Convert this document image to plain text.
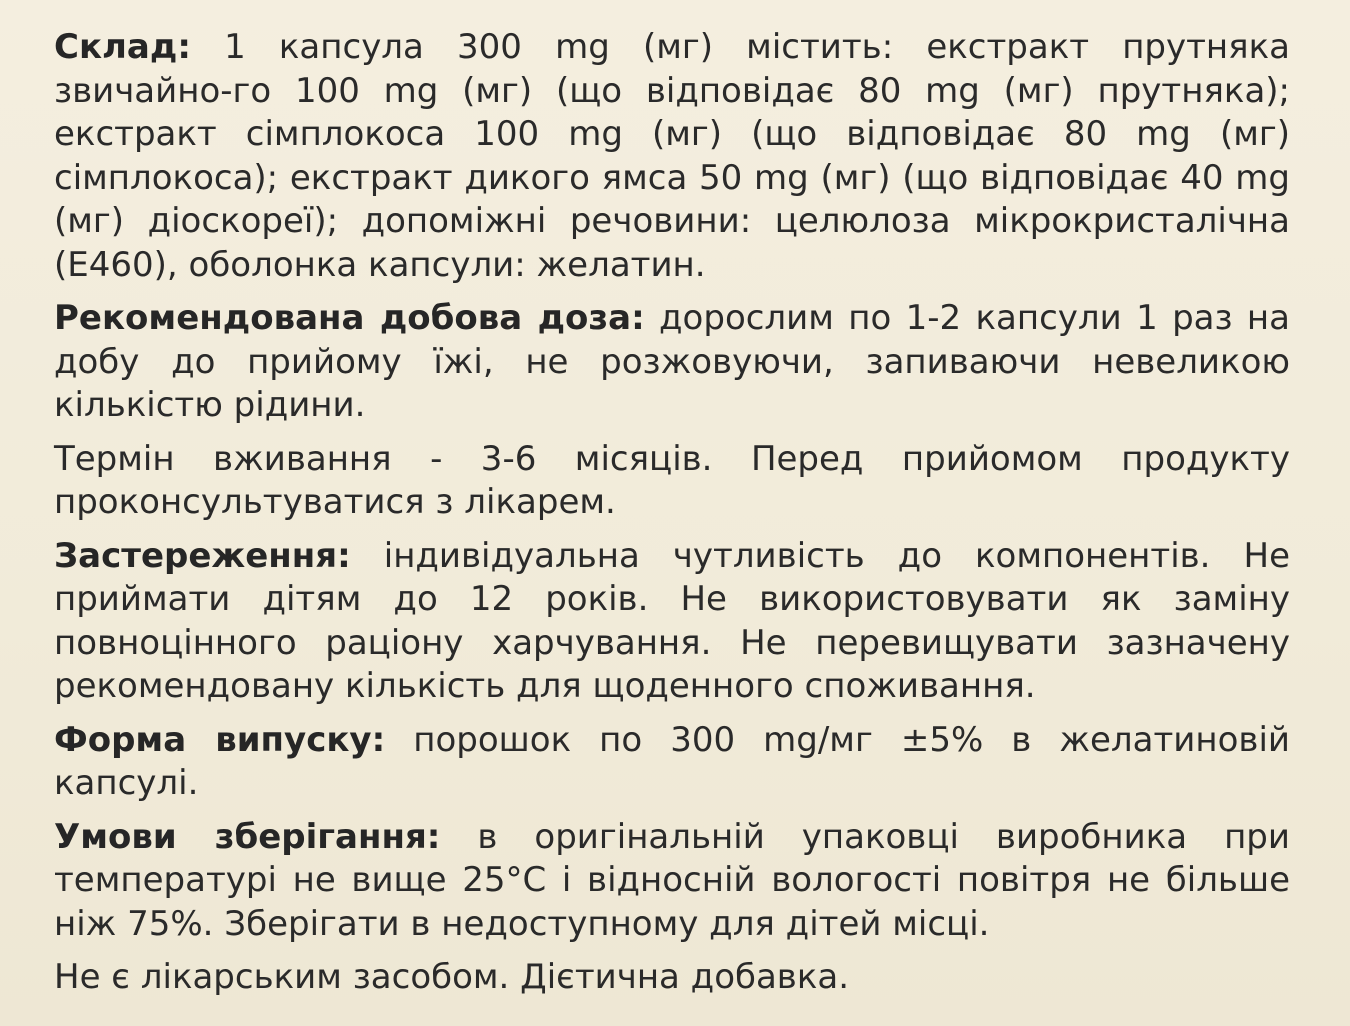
Склад: 1 капсула 300 mg (мг) містить: екстракт прутняка звичайно-го 100 mg (мг) (що відповідає 80 mg (мг) прутняка); екстракт сімплокоса 100 mg (мг) (що відповідає 80 mg (мг) сімплокоса); екстракт дикого ямса 50 mg (мг) (що відповідає 40 mg (мг) діоскореї); допоміжні речовини: целюлоза мікрокристалічна (Е460), оболонка капсули: желатин.

Рекомендована добова доза: дорослим по 1-2 капсули 1 раз на добу до прийому їжі, не розжовуючи, запиваючи невеликою кількістю рідини.

Термін вживання - 3-6 місяців. Перед прийомом продукту проконсультуватися з лікарем.

Застереження: індивідуальна чутливість до компонентів. Не приймати дітям до 12 років. Не використовувати як заміну повноцінного раціону харчування. Не перевищувати зазначену рекомендовану кількість для щоденного споживання.

Форма випуску: порошок по 300 mg/мг ±5% в желатиновій капсулі.

Умови зберігання: в оригінальній упаковці виробника при температурі не вище 25°С і відносній вологості повітря не більше ніж 75%. Зберігати в недоступному для дітей місці.

Не є лікарським засобом. Дієтична добавка.
